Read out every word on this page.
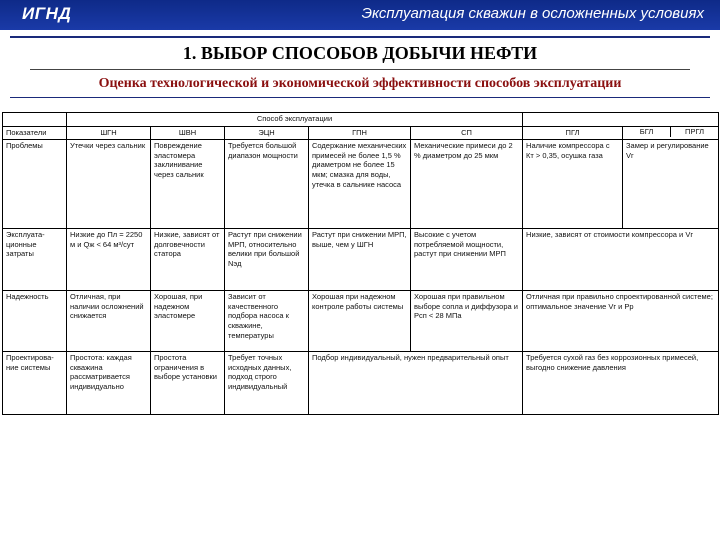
ИГНД	Эксплуатация скважин в осложненных условиях
1. ВЫБОР СПОСОБОВ ДОБЫЧИ НЕФТИ
Оценка технологической и экономической эффективности способов эксплуатации
	Способ эксплуатации						
Показатели	ШГН	ШВН	ЭЦН	ГПН	СП	ПГЛ	БГЛ ПРГЛ

Проблемы	Утечки через сальник	Повреждение эластомера заклинивание через сальник	Требуется большой диапазон мощности	Содержание механических примесей не более 1,5 % диаметром не более 15 мкм; смазка для воды, утечка в сальнике насоса	Механические примеси до 2 % диаметром до 25 мкм	Наличие компрессора с Кт > 0,35, осушка газа	Замер и регулирование Vг
Эксплуата-ционные затраты	Низкие до Пл = 2250 м и Qж < 64 м³/сут	Низкие, зависят от долговечности статора	Растут при снижении МРП, относительно велики при большой Nэд	Растут при снижении МРП, выше, чем у ШГН	Высокие с учетом потребляемой мощности, растут при снижении МРП	Низкие, зависят от стоимости компрессора и Vг	
Надежность	Отличная, при наличии осложнений снижается	Хорошая, при надежном эластомере	Зависит от качественного подбора насоса к скважине, температуры	Хорошая при надежном контроле работы системы	Хорошая при правильном выборе сопла и диффузора и Рсп < 28 МПа	Отличная при правильно спроектированной системе; оптимальное значение Vг и Рр	
Проектирова-ние системы	Простота: каждая скважина рассматривается индивидуально	Простота ограничения в выборе установки	Требует точных исходных данных, подход строго индивидуальный	Подбор индивидуальный, нужен предварительный опыт		Требуется сухой газ без коррозионных примесей, выгодно снижение давления	
